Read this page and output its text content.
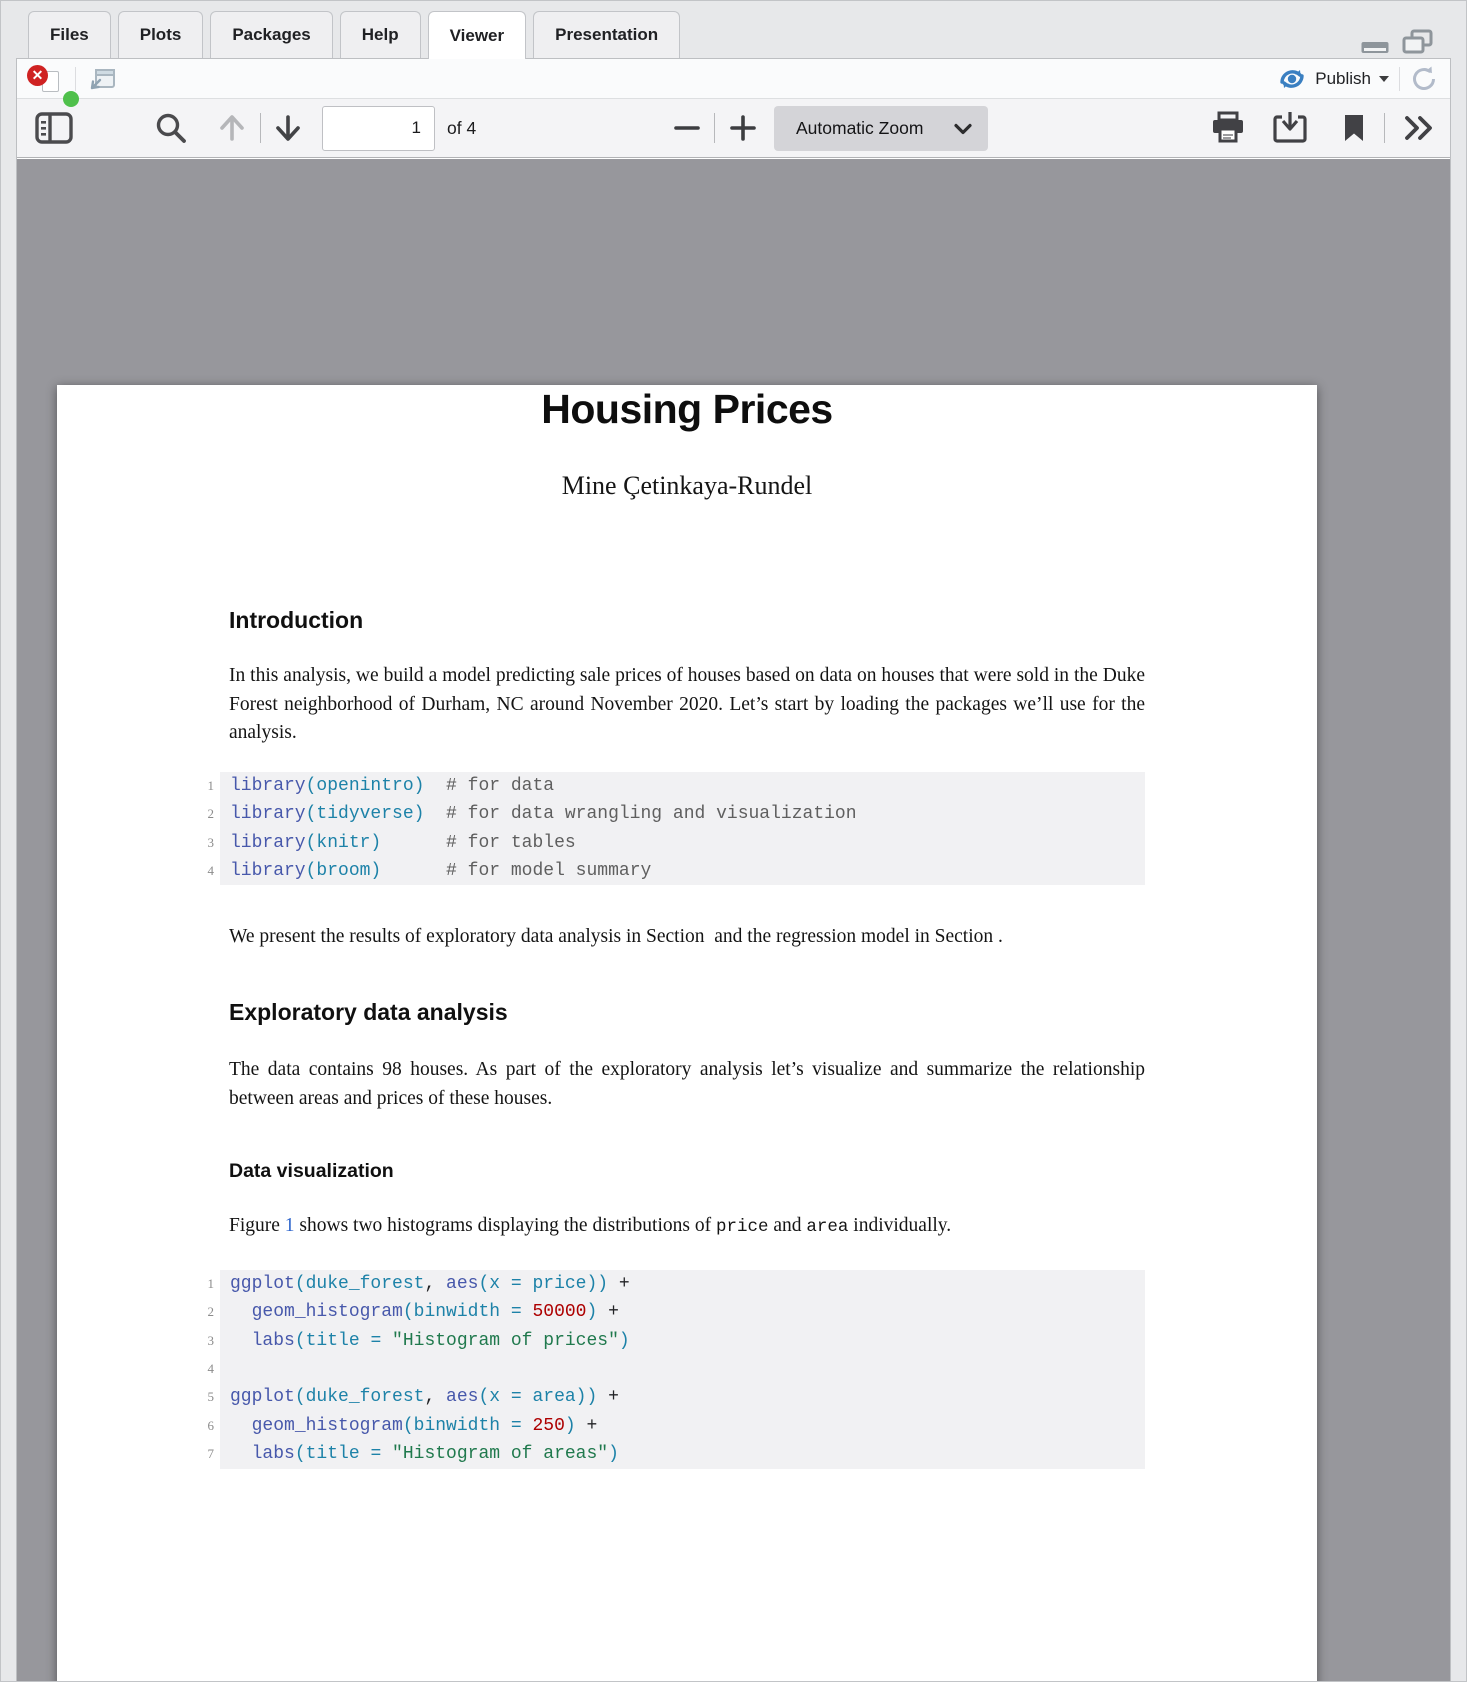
Files	Plots	Packages	Help	Viewer	Presentation
✕	Publish
1
of 4	Automatic Zoom
Housing Prices
Mine Çetinkaya-Rundel
Introduction

In this analysis, we build a model predicting sale prices of houses based on data on houses that were sold in the Duke Forest neighborhood of Durham, NC around November 2020. Let’s start by loading the packages we’ll use for the analysis.

1 library(openintro)  # for data
2 library(tidyverse)  # for data wrangling and visualization
3 library(knitr)      # for tables
4 library(broom)      # for model summary

We present the results of exploratory data analysis in Section  and the regression model in Section .

Exploratory data analysis

The data contains 98 houses. As part of the exploratory analysis let’s visualize and summarize the relationship between areas and prices of these houses.

Data visualization

Figure 1 shows two histograms displaying the distributions of price and area individually.

1 ggplot(duke_forest, aes(x = price)) +
2	geom_histogram(binwidth = 50000) +
3	labs(title = "Histogram of prices")
4
5 ggplot(duke_forest, aes(x = area)) +
6	geom_histogram(binwidth = 250) +
7	labs(title = "Histogram of areas")
